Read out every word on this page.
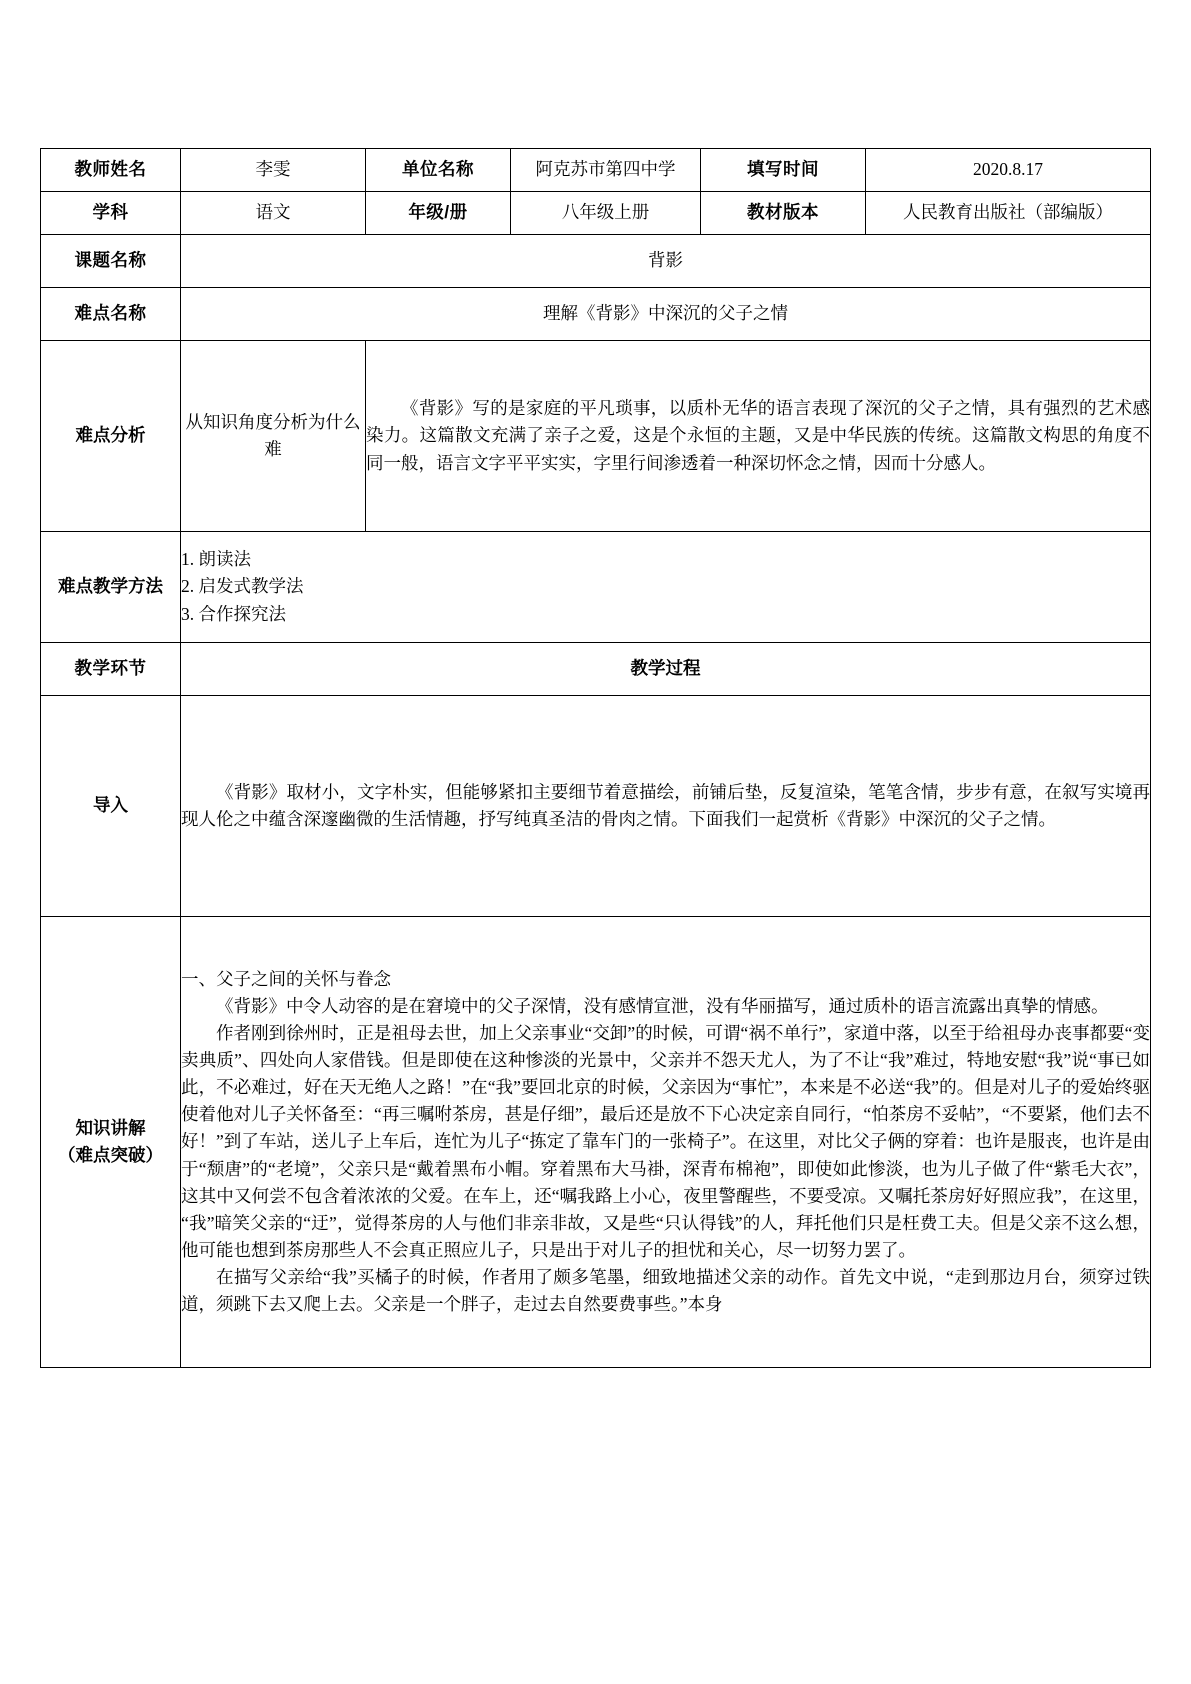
教师姓名	李雯	单位名称	阿克苏市第四中学	填写时间	2020.8.17
学科	语文	年级/册	八年级上册	教材版本	人民教育出版社（部编版）
课题名称	背影				
难点名称	理解《背影》中深沉的父子之情				
难点分析	从知识角度分析为什么难	《背影》写的是家庭的平凡琐事，以质朴无华的语言表现了深沉的父子之情，具有强烈的艺术感染力。这篇散文充满了亲子之爱，这是个永恒的主题，又是中华民族的传统。这篇散文构思的角度不同一般，语言文字平平实实，字里行间渗透着一种深切怀念之情，因而十分感人。			

难点教学方法	1. 朗读法
2. 启发式教学法
3. 合作探究法				

教学环节	教学过程				
导入	《背影》取材小，文字朴实，但能够紧扣主要细节着意描绘，前铺后垫，反复渲染，笔笔含情，步步有意，在叙写实境再现人伦之中蕴含深邃幽微的生活情趣，抒写纯真圣洁的骨肉之情。下面我们一起赏析《背影》中深沉的父子之情。				

知识讲解
（难点突破）

一、父子之间的关怀与眷念

《背影》中令人动容的是在窘境中的父子深情，没有感情宣泄，没有华丽描写，通过质朴的语言流露出真挚的情感。

作者刚到徐州时，正是祖母去世，加上父亲事业“交卸”的时候，可谓“祸不单行”，家道中落，以至于给祖母办丧事都要“变卖典质”、四处向人家借钱。但是即使在这种惨淡的光景中，父亲并不怨天尤人，为了不让“我”难过，特地安慰“我”说“事已如此，不必难过，好在天无绝人之路！”在“我”要回北京的时候，父亲因为“事忙”，本来是不必送“我”的。但是对儿子的爱始终驱使着他对儿子关怀备至：“再三嘱咐茶房，甚是仔细”，最后还是放不下心决定亲自同行，“怕茶房不妥帖”，“不要紧，他们去不好！”到了车站，送儿子上车后，连忙为儿子“拣定了靠车门的一张椅子”。在这里，对比父子俩的穿着：也许是服丧，也许是由于“颓唐”的“老境”，父亲只是“戴着黑布小帽。穿着黑布大马褂，深青布棉袍”，即使如此惨淡，也为儿子做了件“紫毛大衣”，这其中又何尝不包含着浓浓的父爱。在车上，还“嘱我路上小心，夜里警醒些，不要受凉。又嘱托茶房好好照应我”，在这里，“我”暗笑父亲的“迂”，觉得茶房的人与他们非亲非故，又是些“只认得钱”的人，拜托他们只是枉费工夫。但是父亲不这么想，他可能也想到茶房那些人不会真正照应儿子，只是出于对儿子的担忧和关心，尽一切努力罢了。

在描写父亲给“我”买橘子的时候，作者用了颇多笔墨，细致地描述父亲的动作。首先文中说，“走到那边月台，须穿过铁道，须跳下去又爬上去。父亲是一个胖子，走过去自然要费事些。”本身
